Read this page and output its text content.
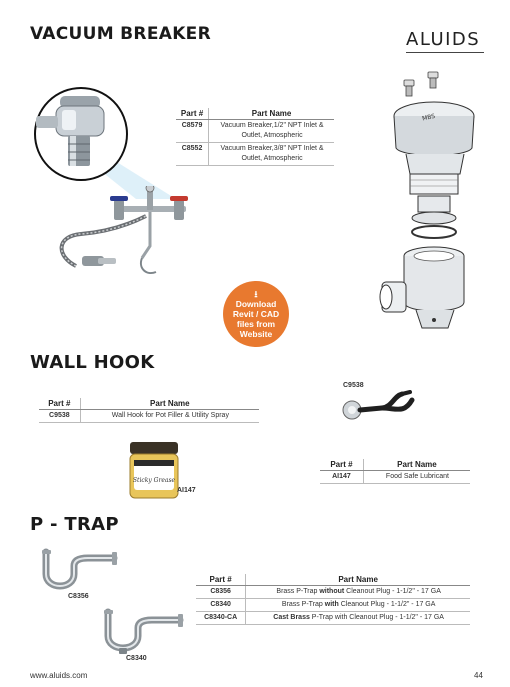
VACUUM BREAKER	ALUIDS
Part #	Part Name
C8579	Vacuum Breaker,1/2" NPT Inlet &
Outlet, Atmospheric
C8552	Vacuum Breaker,3/8" NPT Inlet &
Outlet, Atmospheric
MBS
⭳
Download
Revit / CAD
files from
Website
WALL HOOK
Part #	Part Name
C9538	Wall Hook for Pot Filler & Utility Spray
C9538
Sticky Grease
AI147
Part #	Part Name
AI147	Food Safe Lubricant
P - TRAP
C8356
C8340
Part #	Part Name
C8356	Brass P-Trap without Cleanout Plug - 1-1/2" - 17 GA
C8340	Brass P-Trap with Cleanout Plug - 1-1/2" - 17 GA
C8340-CA	Cast Brass P-Trap with Cleanout Plug - 1-1/2" - 17 GA
www.aluids.com	44
